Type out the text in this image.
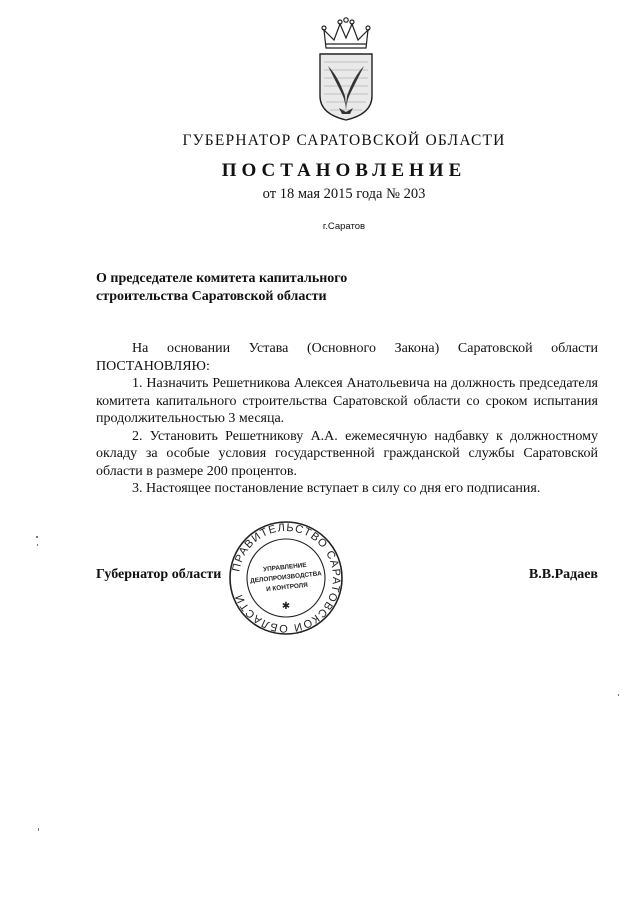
ГУБЕРНАТОР САРАТОВСКОЙ ОБЛАСТИ
ПОСТАНОВЛЕНИЕ
от 18 мая 2015 года № 203
г.Саратов
О председателе комитета капитального
строительства Саратовской области

На основании Устава (Основного Закона) Саратовской области ПОСТАНОВЛЯЮ:

1. Назначить Решетникова Алексея Анатольевича на должность председателя комитета капитального строительства Саратовской области со сроком испытания продолжительностью 3 месяца.

2. Установить Решетникову А.А. ежемесячную надбавку к должностному окладу за особые условия государственной гражданской службы Саратовской области в размере 200 процентов.

3. Настоящее постановление вступает в силу со дня его подписания.

Губернатор области	В.В.Радаев
ПРАВИТЕЛЬСТВО САРАТОВСКОЙ ОБЛАСТИ
✱
УПРАВЛЕНИЕ
ДЕЛОПРОИЗВОДСТВА
И КОНТРОЛЯ
